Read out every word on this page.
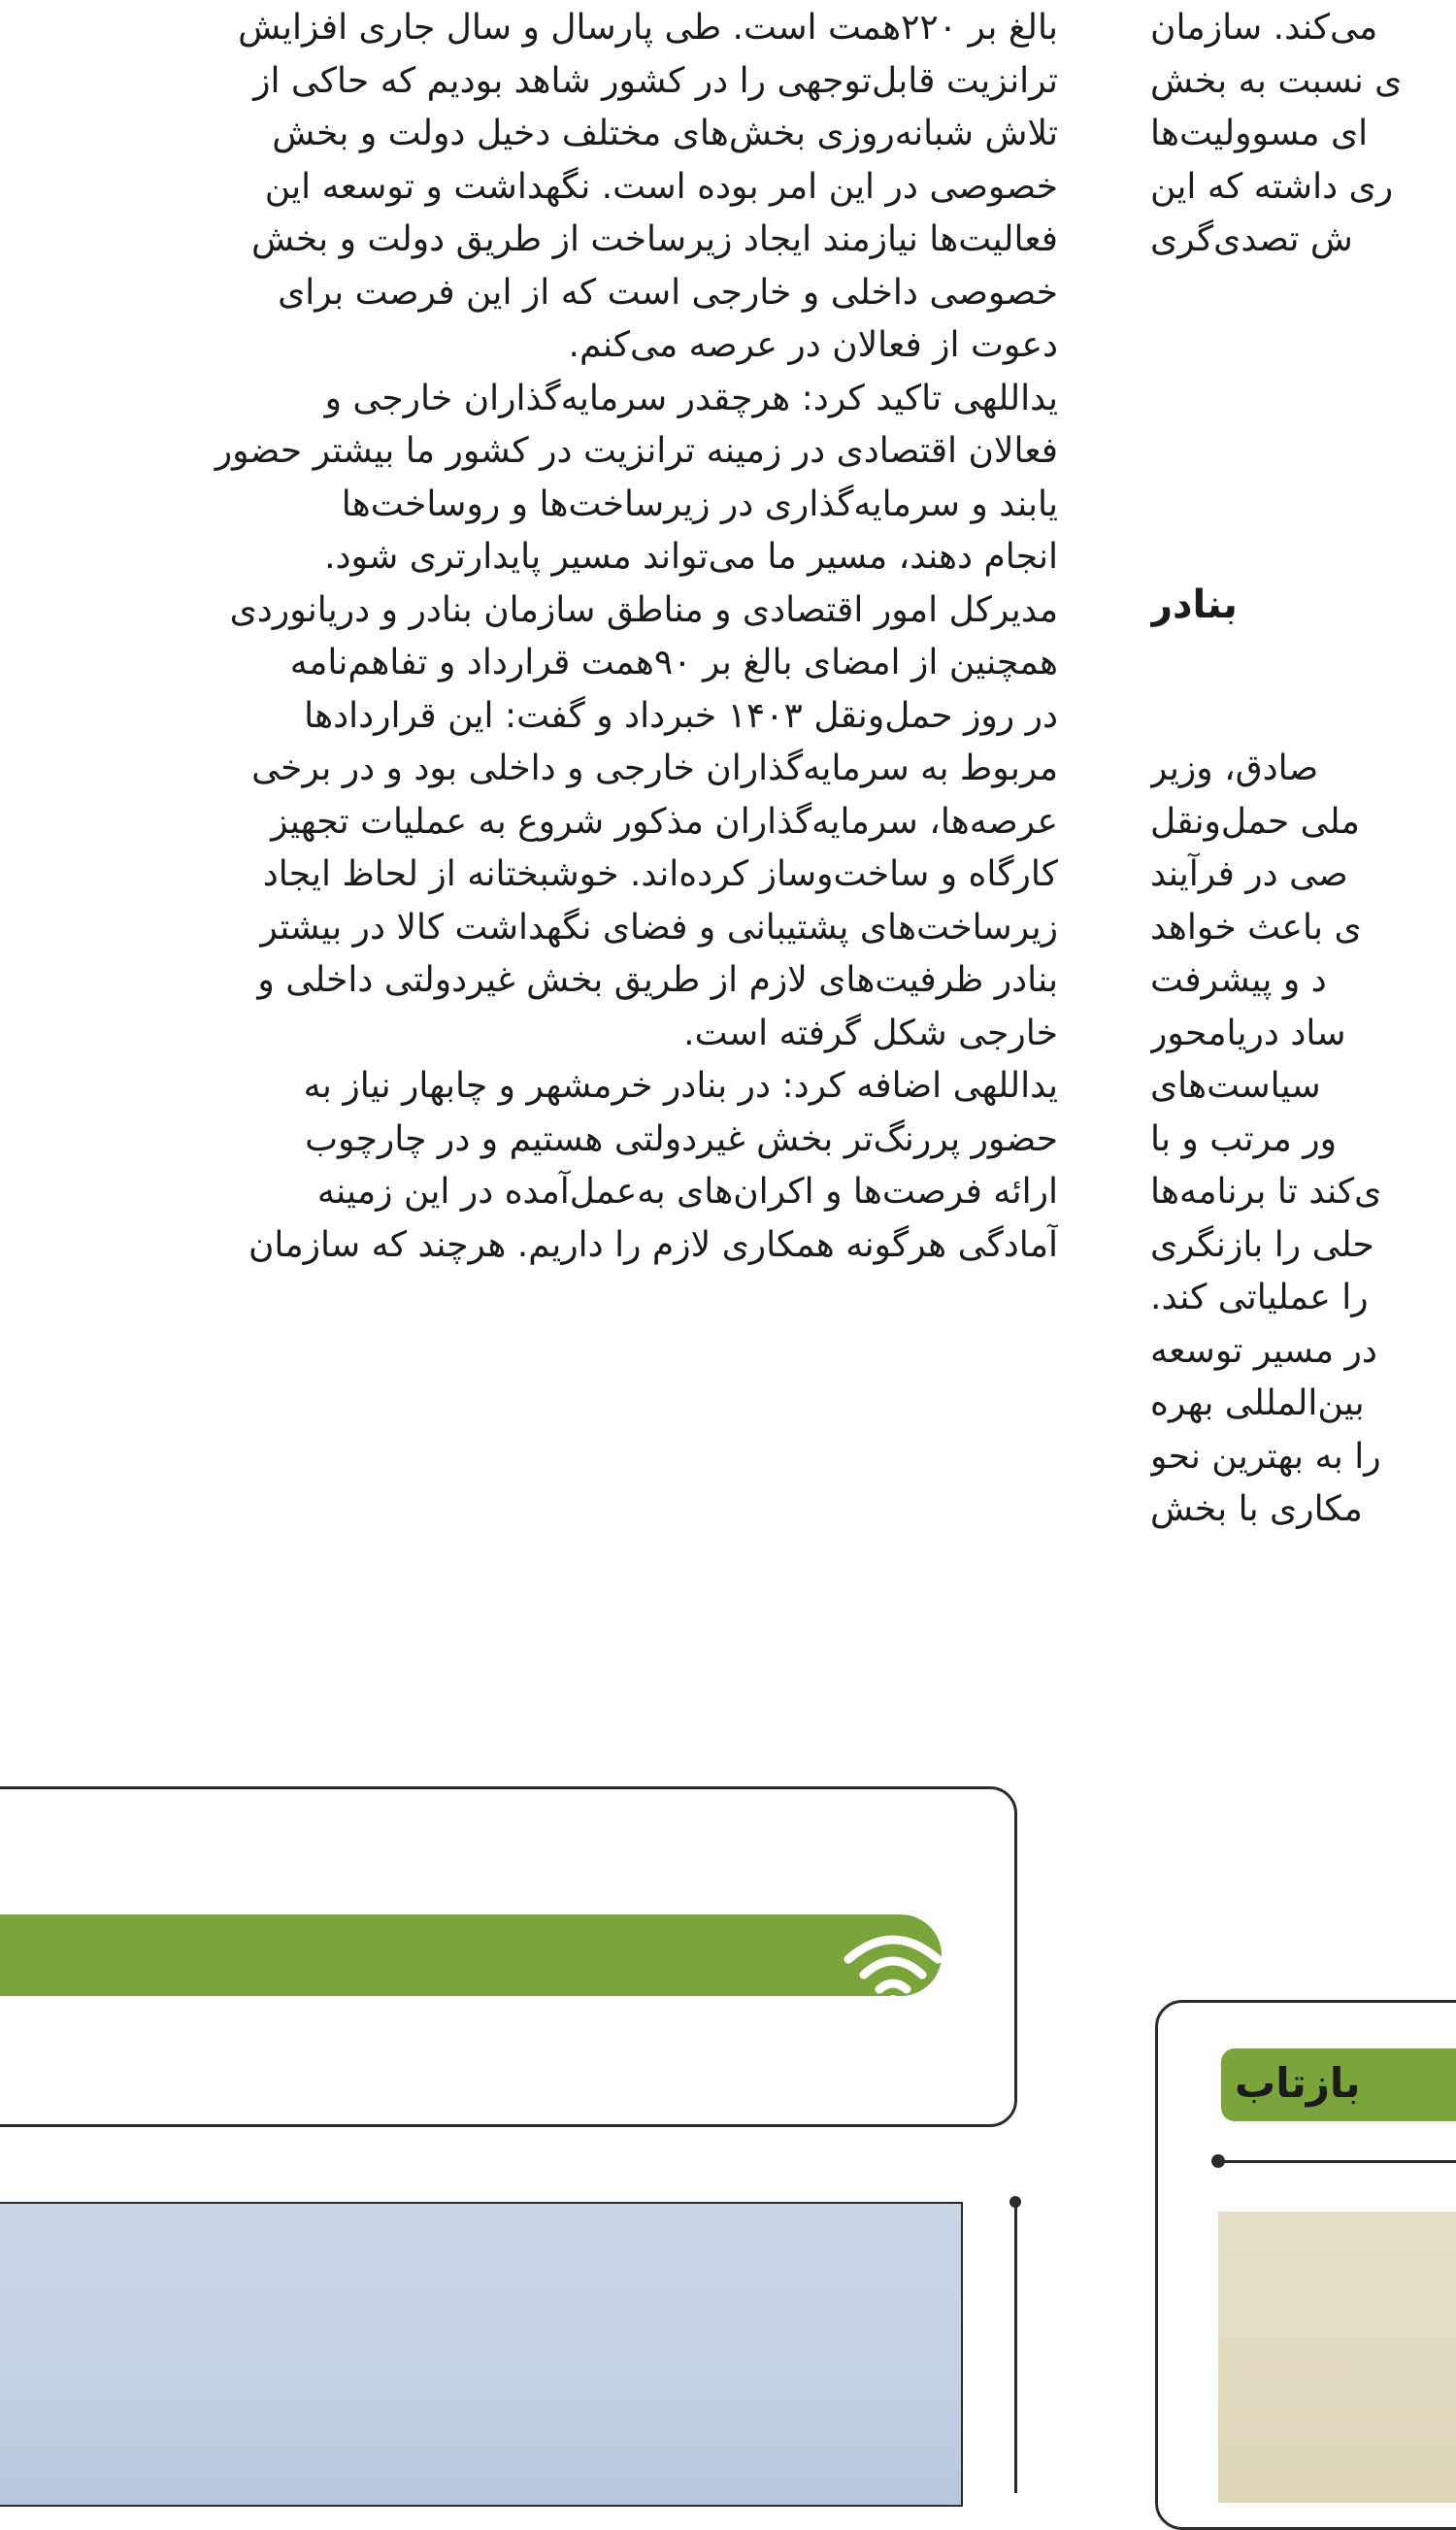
بالغ بر ۲۲۰همت است. طی پارسال و سال جاری افزایش
ترانزیت قابل‌توجهی را در کشور شاهد بودیم که حاکی از
تلاش شبانه‌روزی بخش‌های مختلف دخیل دولت و بخش
خصوصی در این امر بوده است. نگهداشت و توسعه این
فعالیت‌ها نیازمند ایجاد زیرساخت از طریق دولت و بخش
خصوصی داخلی و خارجی است که از این فرصت برای
دعوت از فعالان در عرصه می‌کنم.
یداللهی تاکید کرد: هرچقدر سرمایه‌گذاران خارجی و
فعالان اقتصادی در زمینه ترانزیت در کشور ما بیشتر حضور
یابند و سرمایه‌گذاری در زیرساخت‌ها و روساخت‌ها
انجام دهند، مسیر ما می‌تواند مسیر پایدارتری شود.
مدیرکل امور اقتصادی و مناطق سازمان بنادر و دریانوردی
همچنین از امضای بالغ بر ۹۰همت قرارداد و تفاهم‌نامه
در روز حمل‌ونقل ۱۴۰۳ خبرداد و گفت: این قراردادها
مربوط به سرمایه‌گذاران خارجی و داخلی بود و در برخی
عرصه‌ها، سرمایه‌گذاران مذکور شروع به عملیات تجهیز
کارگاه و ساخت‌وساز کرده‌اند. خوشبختانه از لحاظ ایجاد
زیرساخت‌های پشتیبانی و فضای نگهداشت کالا در بیشتر
بنادر ظرفیت‌های لازم از طریق بخش غیردولتی داخلی و
خارجی شکل گرفته است.
یداللهی اضافه کرد: در بنادر خرمشهر و چابهار نیاز به
حضور پررنگ‌تر بخش غیردولتی هستیم و در چارچوب
ارائه فرصت‌ها و اکران‌های به‌عمل‌آمده در این زمینه
آمادگی هرگونه همکاری لازم را داریم. هرچند که سازمان
می‌کند. سازمان
ی نسبت به بخش
ای مسوولیت‌ها
ری داشته که این
ش تصدی‌گری
بنادر
صادق، وزیر
ملی حمل‌ونقل
صی در فرآیند
ی باعث خواهد
د و پیشرفت
ساد دریامحور
سیاست‌های
ور مرتب و با
ی‌کند تا برنامه‌ها
حلی را بازنگری
را عملیاتی کند.
در مسیر توسعه
بین‌المللی بهره
را به بهترین نحو
مکاری با بخش
بازتاب
